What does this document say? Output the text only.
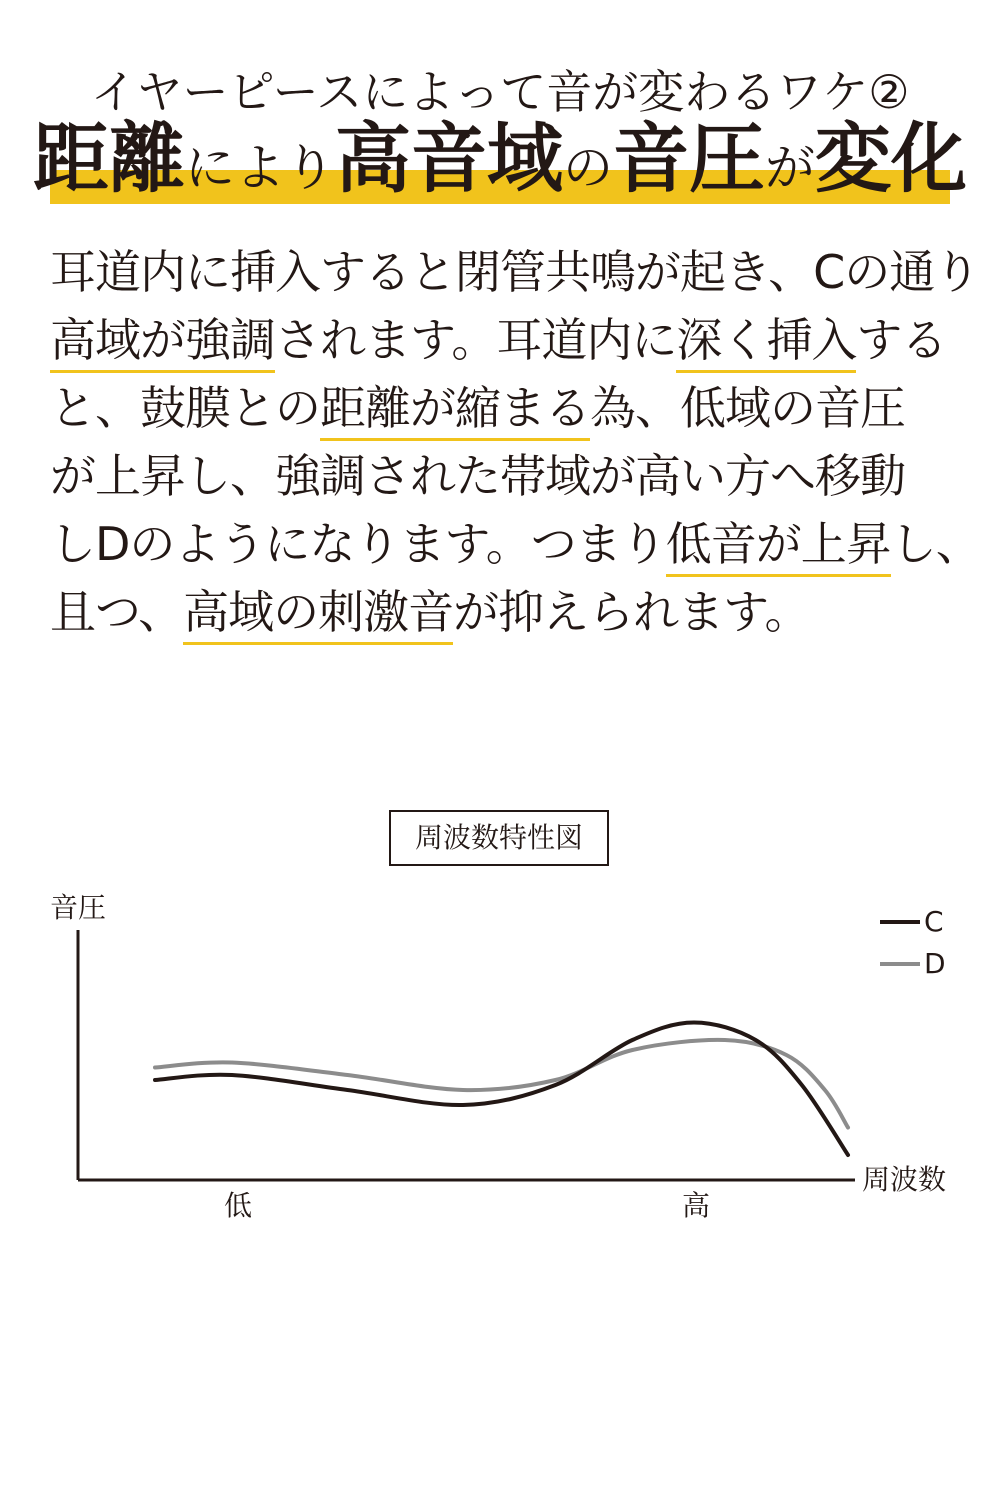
イヤーピースによって音が変わるワケ②
距離により高音域の音圧が変化
耳道内に挿入すると閉管共鳴が起き、Cの通り
高域が強調されます。耳道内に深く挿入する
と、鼓膜との距離が縮まる為、低域の音圧
が上昇し、強調された帯域が高い方へ移動
しDのようになります。つまり低音が上昇し、
且つ、高域の刺激音が抑えられます。
周波数特性図
音圧
周波数
低	高
C
D
